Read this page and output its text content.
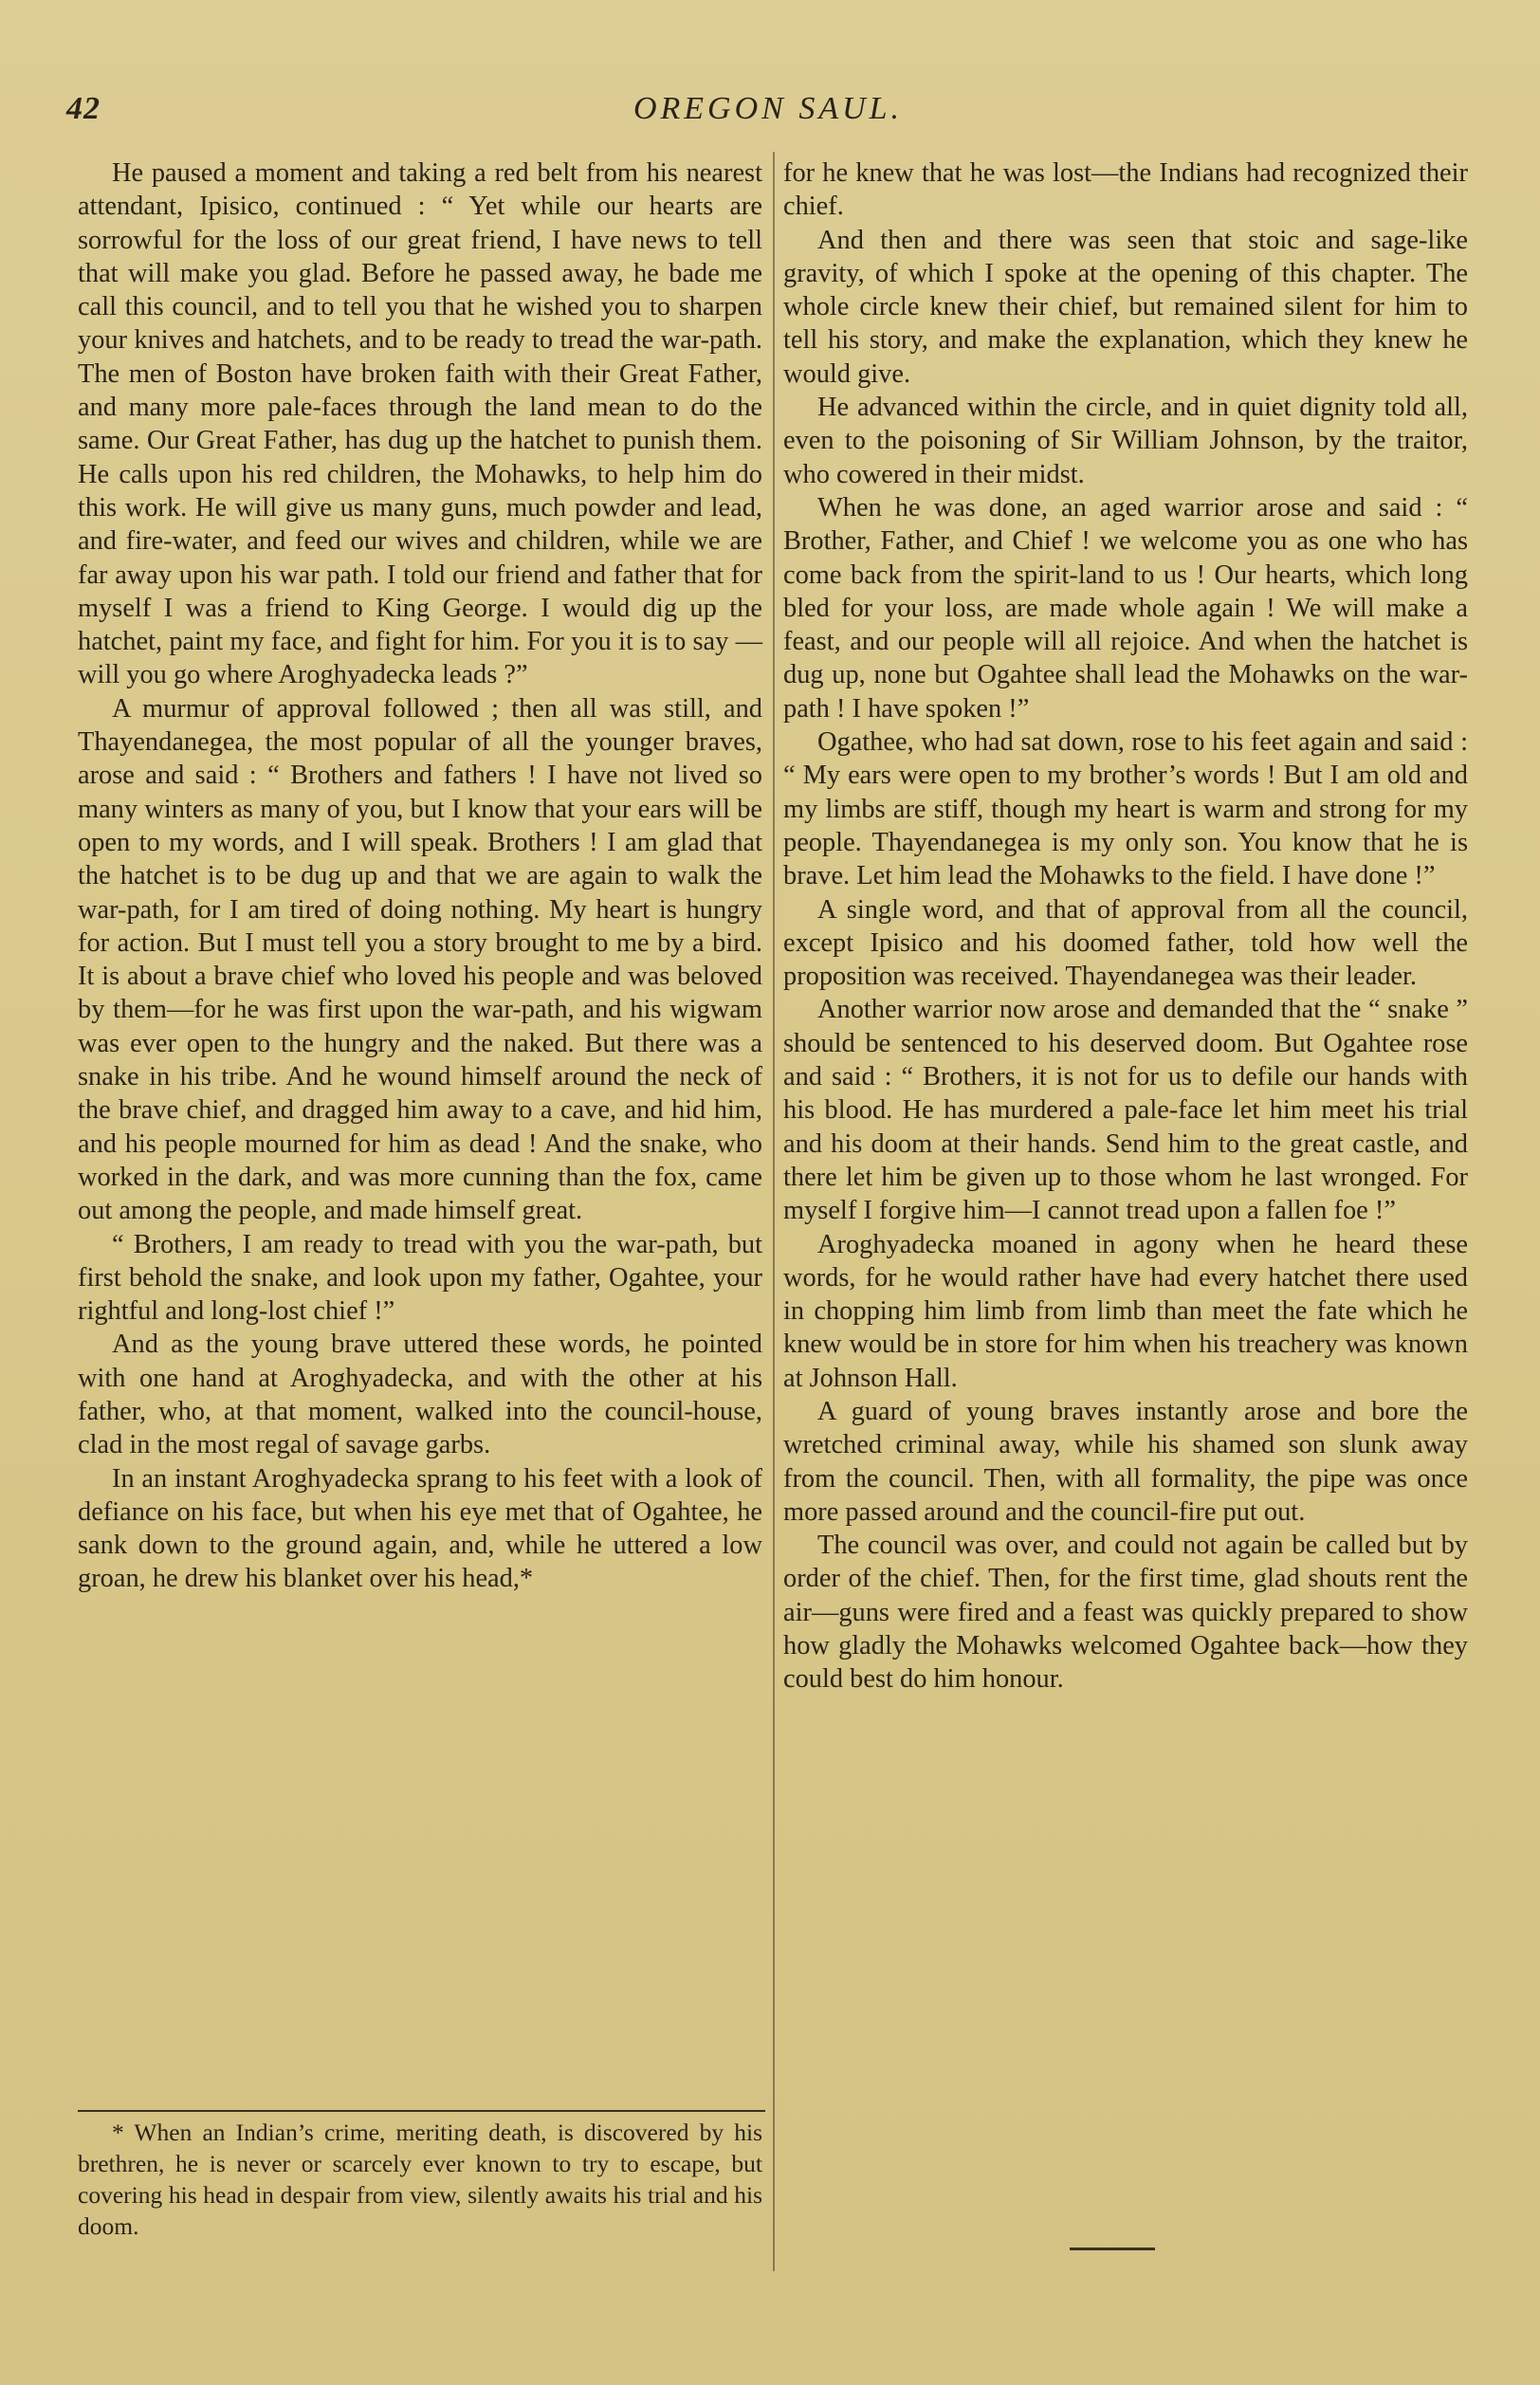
42	OREGON SAUL.

He paused a moment and taking a red belt from his nearest attendant, Ipisico, continued : “ Yet while our hearts are sorrowful for the loss of our great friend, I have news to tell that will make you glad. Before he passed away, he bade me call this council, and to tell you that he wished you to sharpen your knives and hatchets, and to be ready to tread the war-path. The men of Boston have broken faith with their Great Father, and many more pale-faces through the land mean to do the same. Our Great Father, has dug up the hatchet to punish them. He calls upon his red children, the Mohawks, to help him do this work. He will give us many guns, much powder and lead, and fire-water, and feed our wives and children, while we are far away upon his war path. I told our friend and father that for myself I was a friend to King George. I would dig up the hatchet, paint my face, and fight for him. For you it is to say —will you go where Aroghyadecka leads ?”

A murmur of approval followed ; then all was still, and Thayendanegea, the most popular of all the younger braves, arose and said : “ Brothers and fathers ! I have not lived so many winters as many of you, but I know that your ears will be open to my words, and I will speak. Brothers ! I am glad that the hatchet is to be dug up and that we are again to walk the war-path, for I am tired of doing nothing. My heart is hungry for action. But I must tell you a story brought to me by a bird. It is about a brave chief who loved his people and was beloved by them—for he was first upon the war-path, and his wigwam was ever open to the hungry and the naked. But there was a snake in his tribe. And he wound himself around the neck of the brave chief, and dragged him away to a cave, and hid him, and his people mourned for him as dead ! And the snake, who worked in the dark, and was more cunning than the fox, came out among the people, and made himself great.

“ Brothers, I am ready to tread with you the war-path, but first behold the snake, and look upon my father, Ogahtee, your rightful and long-lost chief !”

And as the young brave uttered these words, he pointed with one hand at Aroghyadecka, and with the other at his father, who, at that moment, walked into the council-house, clad in the most regal of savage garbs.

In an instant Aroghyadecka sprang to his feet with a look of defiance on his face, but when his eye met that of Ogahtee, he sank down to the ground again, and, while he uttered a low groan, he drew his blanket over his head,*

for he knew that he was lost—the Indians had recognized their chief.

And then and there was seen that stoic and sage-like gravity, of which I spoke at the opening of this chapter. The whole circle knew their chief, but remained silent for him to tell his story, and make the explanation, which they knew he would give.

He advanced within the circle, and in quiet dignity told all, even to the poisoning of Sir William Johnson, by the traitor, who cowered in their midst.

When he was done, an aged warrior arose and said : “ Brother, Father, and Chief ! we welcome you as one who has come back from the spirit-land to us ! Our hearts, which long bled for your loss, are made whole again ! We will make a feast, and our people will all rejoice. And when the hatchet is dug up, none but Ogahtee shall lead the Mohawks on the war-path ! I have spoken !”

Ogathee, who had sat down, rose to his feet again and said : “ My ears were open to my brother’s words ! But I am old and my limbs are stiff, though my heart is warm and strong for my people. Thayendanegea is my only son. You know that he is brave. Let him lead the Mohawks to the field. I have done !”

A single word, and that of approval from all the council, except Ipisico and his doomed father, told how well the proposition was received. Thayendanegea was their leader.

Another warrior now arose and demanded that the “ snake ” should be sentenced to his deserved doom. But Ogahtee rose and said : “ Brothers, it is not for us to defile our hands with his blood. He has murdered a pale-face let him meet his trial and his doom at their hands. Send him to the great castle, and there let him be given up to those whom he last wronged. For myself I forgive him—I cannot tread upon a fallen foe !”

Aroghyadecka moaned in agony when he heard these words, for he would rather have had every hatchet there used in chopping him limb from limb than meet the fate which he knew would be in store for him when his treachery was known at Johnson Hall.

A guard of young braves instantly arose and bore the wretched criminal away, while his shamed son slunk away from the council. Then, with all formality, the pipe was once more passed around and the council-fire put out.

The council was over, and could not again be called but by order of the chief. Then, for the first time, glad shouts rent the air—guns were fired and a feast was quickly prepared to show how gladly the Mohawks welcomed Ogahtee back—how they could best do him honour.

* When an Indian’s crime, meriting death, is discovered by his brethren, he is never or scarcely ever known to try to escape, but covering his head in despair from view, silently awaits his trial and his doom.
